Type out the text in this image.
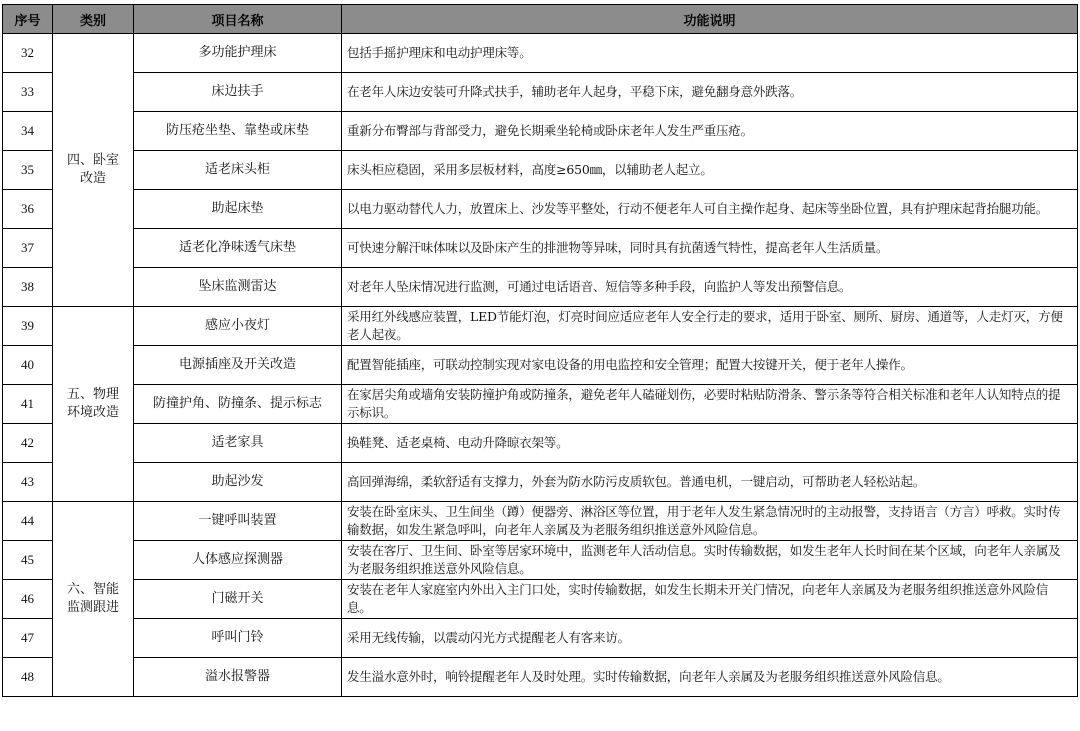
序号	类别	项目名称	功能说明
32	四、卧室改造	多功能护理床	包括手摇护理床和电动护理床等。
33		床边扶手	在老年人床边安装可升降式扶手，辅助老年人起身，平稳下床，避免翻身意外跌落。
34		防压疮坐垫、靠垫或床垫	重新分布臀部与背部受力，避免长期乘坐轮椅或卧床老年人发生严重压疮。
35		适老床头柜	床头柜应稳固，采用多层板材料，高度≥650㎜，以辅助老人起立。
36		助起床垫	以电力驱动替代人力，放置床上、沙发等平整处，行动不便老年人可自主操作起身、起床等坐卧位置，具有护理床起背抬腿功能。
37		适老化净味透气床垫	可快速分解汗味体味以及卧床产生的排泄物等异味，同时具有抗菌透气特性，提高老年人生活质量。
38		坠床监测雷达	对老年人坠床情况进行监测，可通过电话语音、短信等多种手段，向监护人等发出预警信息。
39	五、物理环境改造	感应小夜灯	采用红外线感应装置，LED节能灯泡，灯亮时间应适应老年人安全行走的要求，适用于卧室、厕所、厨房、通道等，人走灯灭，方便老人起夜。
40		电源插座及开关改造	配置智能插座，可联动控制实现对家电设备的用电监控和安全管理；配置大按键开关，便于老年人操作。
41		防撞护角、防撞条、提示标志	在家居尖角或墙角安装防撞护角或防撞条，避免老年人磕碰划伤，必要时粘贴防滑条、警示条等符合相关标准和老年人认知特点的提示标识。
42		适老家具	换鞋凳、适老桌椅、电动升降晾衣架等。
43		助起沙发	高回弹海绵，柔软舒适有支撑力，外套为防水防污皮质软包。普通电机，一键启动，可帮助老人轻松站起。
44	六、智能监测跟进	一键呼叫装置	安装在卧室床头、卫生间坐（蹲）便器旁、淋浴区等位置，用于老年人发生紧急情况时的主动报警，支持语言（方言）呼救。实时传输数据，如发生紧急呼叫，向老年人亲属及为老服务组织推送意外风险信息。
45		人体感应探测器	安装在客厅、卫生间、卧室等居家环境中，监测老年人活动信息。实时传输数据，如发生老年人长时间在某个区域，向老年人亲属及为老服务组织推送意外风险信息。
46		门磁开关	安装在老年人家庭室内外出入主门口处，实时传输数据，如发生长期未开关门情况，向老年人亲属及为老服务组织推送意外风险信息。
47		呼叫门铃	采用无线传输，以震动闪光方式提醒老人有客来访。
48		溢水报警器	发生溢水意外时，响铃提醒老年人及时处理。实时传输数据，向老年人亲属及为老服务组织推送意外风险信息。
